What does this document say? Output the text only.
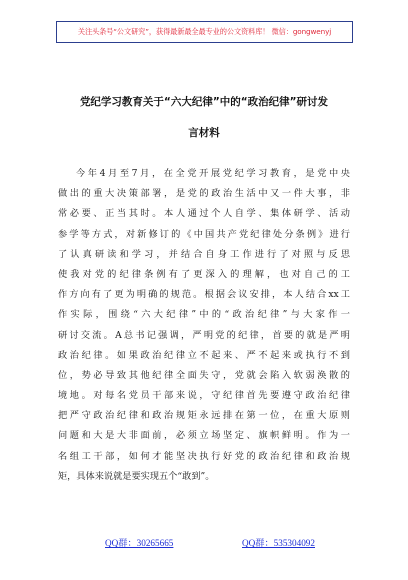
关注头条号“公文研究”，获得最新最全最专业的公文资料库！ 微信：gongwenyj
党纪学习教育关于“六大纪律”中的“政治纪律”研讨发
言材料
今年4月至7月，在全党开展党纪学习教育，是党中央
做出的重大决策部署，是党的政治生活中又一件大事，非
常必要、正当其时。本人通过个人自学、集体研学、活动
参学等方式，对新修订的《中国共产党纪律处分条例》进行
了认真研读和学习，并结合自身工作进行了对照与反思
使我对党的纪律条例有了更深入的理解，也对自己的工
作方向有了更为明确的规范。根据会议安排，本人结合xx工
作实际，围绕“六大纪律”中的“政治纪律”与大家作一
研讨交流。A总书记强调，严明党的纪律，首要的就是严明
政治纪律。如果政治纪律立不起来、严不起来或执行不到
位，势必导致其他纪律全面失守，党就会陷入软弱涣散的
境地。对每名党员干部来说，守纪律首先要遵守政治纪律
把严守政治纪律和政治规矩永远排在第一位，在重大原则
问题和大是大非面前，必须立场坚定、旗帜鲜明。作为一
名组工干部，如何才能坚决执行好党的政治纪律和政治规
矩，具体来说就是要实现五个“敢到”。
QQ群：30265665	QQ群：535304092
